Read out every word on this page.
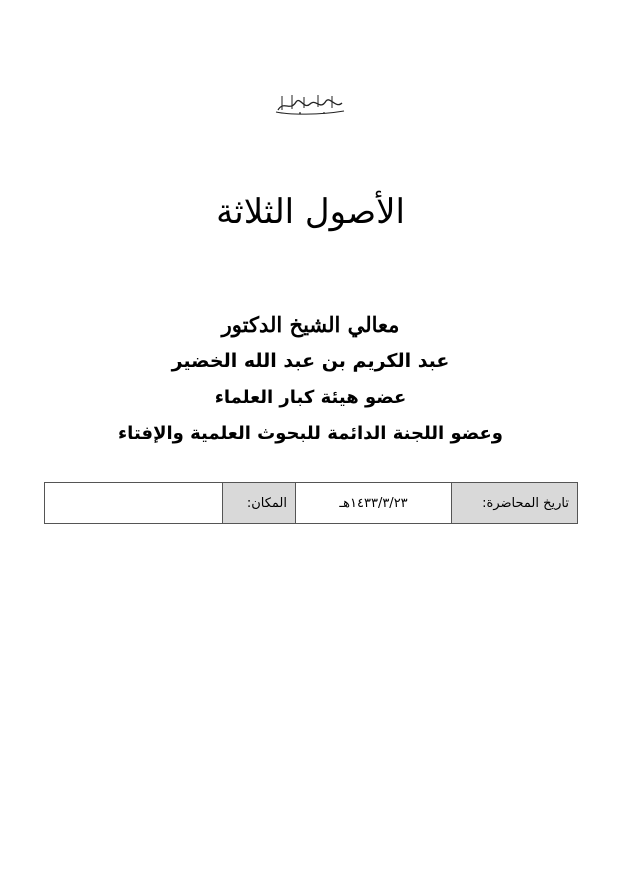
الأصول الثلاثة
معالي الشيخ الدكتور
عبد الكريم بن عبد الله الخضير
عضو هيئة كبار العلماء
وعضو اللجنة الدائمة للبحوث العلمية والإفتاء
تاريخ المحاضرة:	١٤٣٣/٣/٢٣هـ	المكان:	
